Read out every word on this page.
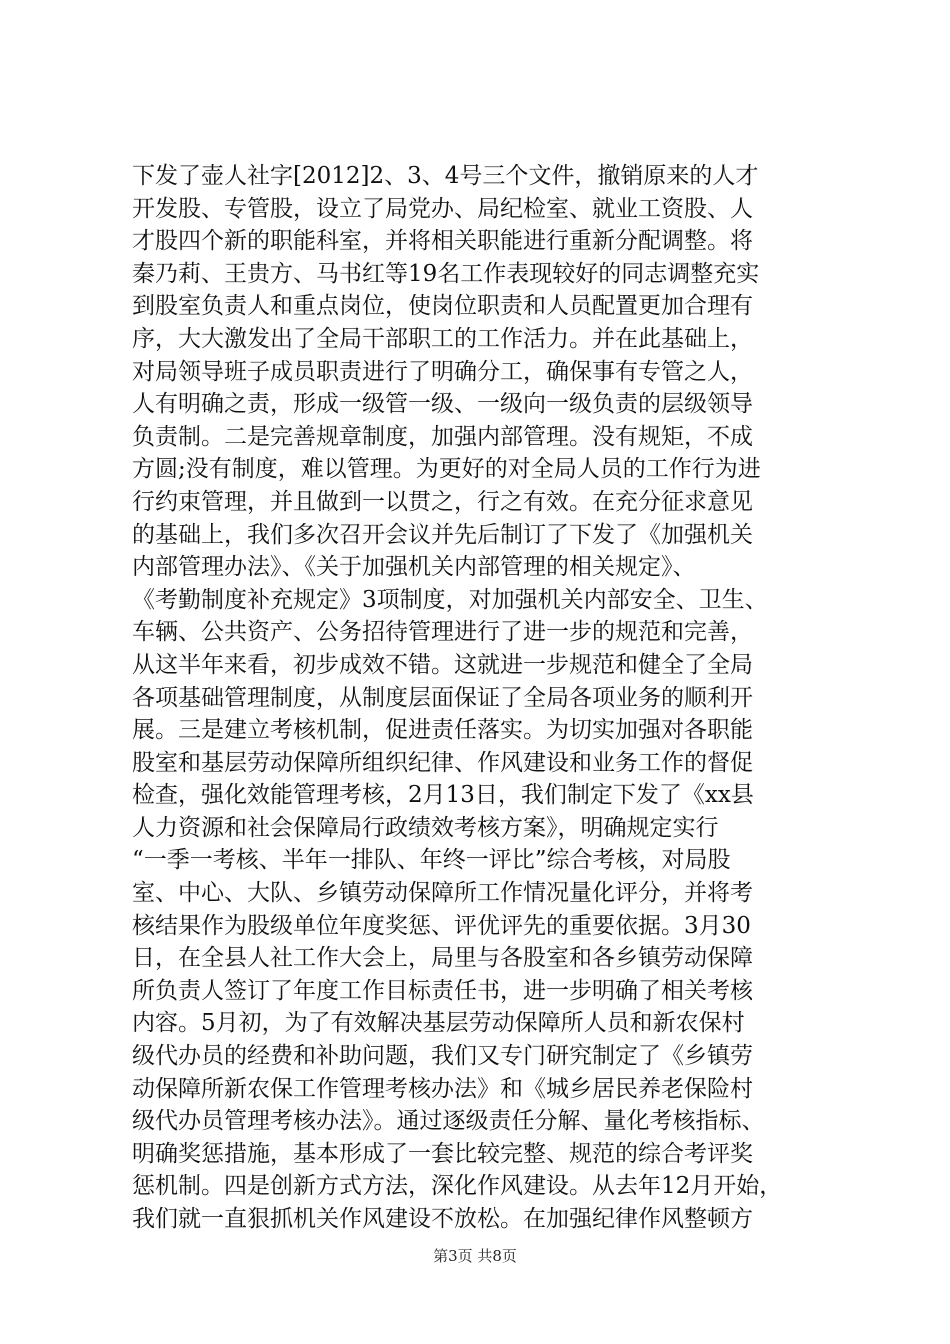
下发了壶人社字[2012]2、3、4号三个文件，撤销原来的人才
开发股、专管股，设立了局党办、局纪检室、就业工资股、人
才股四个新的职能科室，并将相关职能进行重新分配调整。将
秦乃莉、王贵方、马书红等19名工作表现较好的同志调整充实
到股室负责人和重点岗位，使岗位职责和人员配置更加合理有
序，大大激发出了全局干部职工的工作活力。并在此基础上，
对局领导班子成员职责进行了明确分工，确保事有专管之人，
人有明确之责，形成一级管一级、一级向一级负责的层级领导
负责制。二是完善规章制度，加强内部管理。没有规矩，不成
方圆;没有制度，难以管理。为更好的对全局人员的工作行为进
行约束管理，并且做到一以贯之，行之有效。在充分征求意见
的基础上，我们多次召开会议并先后制订了下发了《加强机关
内部管理办法》、《关于加强机关内部管理的相关规定》、
《考勤制度补充规定》3项制度，对加强机关内部安全、卫生、
车辆、公共资产、公务招待管理进行了进一步的规范和完善，
从这半年来看，初步成效不错。这就进一步规范和健全了全局
各项基础管理制度，从制度层面保证了全局各项业务的顺利开
展。三是建立考核机制，促进责任落实。为切实加强对各职能
股室和基层劳动保障所组织纪律、作风建设和业务工作的督促
检查，强化效能管理考核，2月13日，我们制定下发了《xx县
人力资源和社会保障局行政绩效考核方案》，明确规定实行
“一季一考核、半年一排队、年终一评比”综合考核，对局股
室、中心、大队、乡镇劳动保障所工作情况量化评分，并将考
核结果作为股级单位年度奖惩、评优评先的重要依据。3月30
日，在全县人社工作大会上，局里与各股室和各乡镇劳动保障
所负责人签订了年度工作目标责任书，进一步明确了相关考核
内容。5月初，为了有效解决基层劳动保障所人员和新农保村
级代办员的经费和补助问题，我们又专门研究制定了《乡镇劳
动保障所新农保工作管理考核办法》和《城乡居民养老保险村
级代办员管理考核办法》。通过逐级责任分解、量化考核指标、
明确奖惩措施，基本形成了一套比较完整、规范的综合考评奖
惩机制。四是创新方式方法，深化作风建设。从去年12月开始，
我们就一直狠抓机关作风建设不放松。在加强纪律作风整顿方
第3页 共8页
